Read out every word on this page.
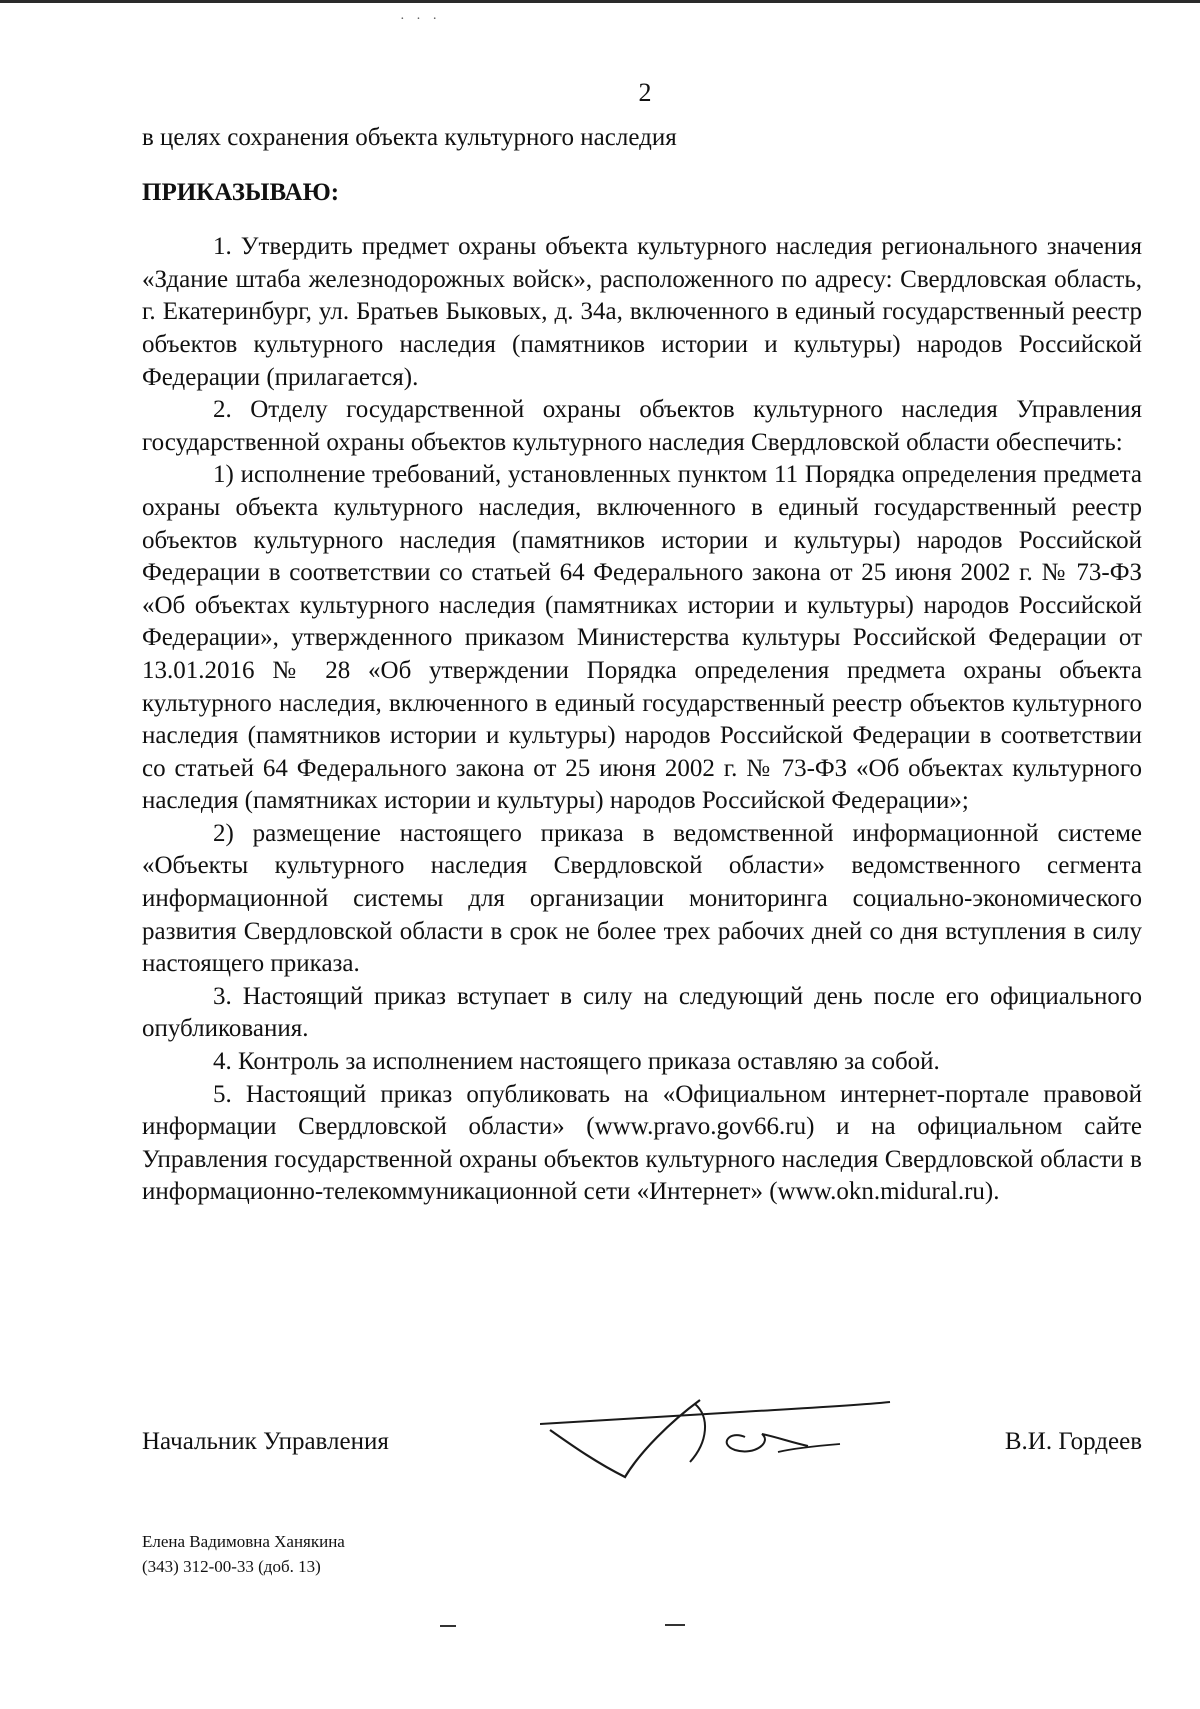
· · ·
2

в целях сохранения объекта культурного наследия

ПРИКАЗЫВАЮ:

1. Утвердить предмет охраны объекта культурного наследия регионального значения «Здание штаба железнодорожных войск», расположенного по адресу: Свердловская область, г. Екатеринбург, ул. Братьев Быковых, д. 34а, включенного в единый государственный реестр объектов культурного наследия (памятников истории и культуры) народов Российской Федерации (прилагается).

2. Отделу государственной охраны объектов культурного наследия Управления государственной охраны объектов культурного наследия Свердловской области обеспечить:

1) исполнение требований, установленных пунктом 11 Порядка определения предмета охраны объекта культурного наследия, включенного в единый государственный реестр объектов культурного наследия (памятников истории и культуры) народов Российской Федерации в соответствии со статьей 64 Федерального закона от 25 июня 2002 г. № 73-ФЗ «Об объектах культурного наследия (памятниках истории и культуры) народов Российской Федерации», утвержденного приказом Министерства культуры Российской Федерации от 13.01.2016 № 28 «Об утверждении Порядка определения предмета охраны объекта культурного наследия, включенного в единый государственный реестр объектов культурного наследия (памятников истории и культуры) народов Российской Федерации в соответствии со статьей 64 Федерального закона от 25 июня 2002 г. № 73-ФЗ «Об объектах культурного наследия (памятниках истории и культуры) народов Российской Федерации»;

2) размещение настоящего приказа в ведомственной информационной системе «Объекты культурного наследия Свердловской области» ведомственного сегмента информационной системы для организации мониторинга социально-экономического развития Свердловской области в срок не более трех рабочих дней со дня вступления в силу настоящего приказа.

3. Настоящий приказ вступает в силу на следующий день после его официального опубликования.

4. Контроль за исполнением настоящего приказа оставляю за собой.

5. Настоящий приказ опубликовать на «Официальном интернет-портале правовой информации Свердловской области» (www.pravo.gov66.ru) и на официальном сайте Управления государственной охраны объектов культурного наследия Свердловской области в информационно-телекоммуникационной сети «Интернет» (www.okn.midural.ru).

Начальник Управления	В.И. Гордеев
Елена Вадимовна Ханякина
(343) 312-00-33 (доб. 13)
